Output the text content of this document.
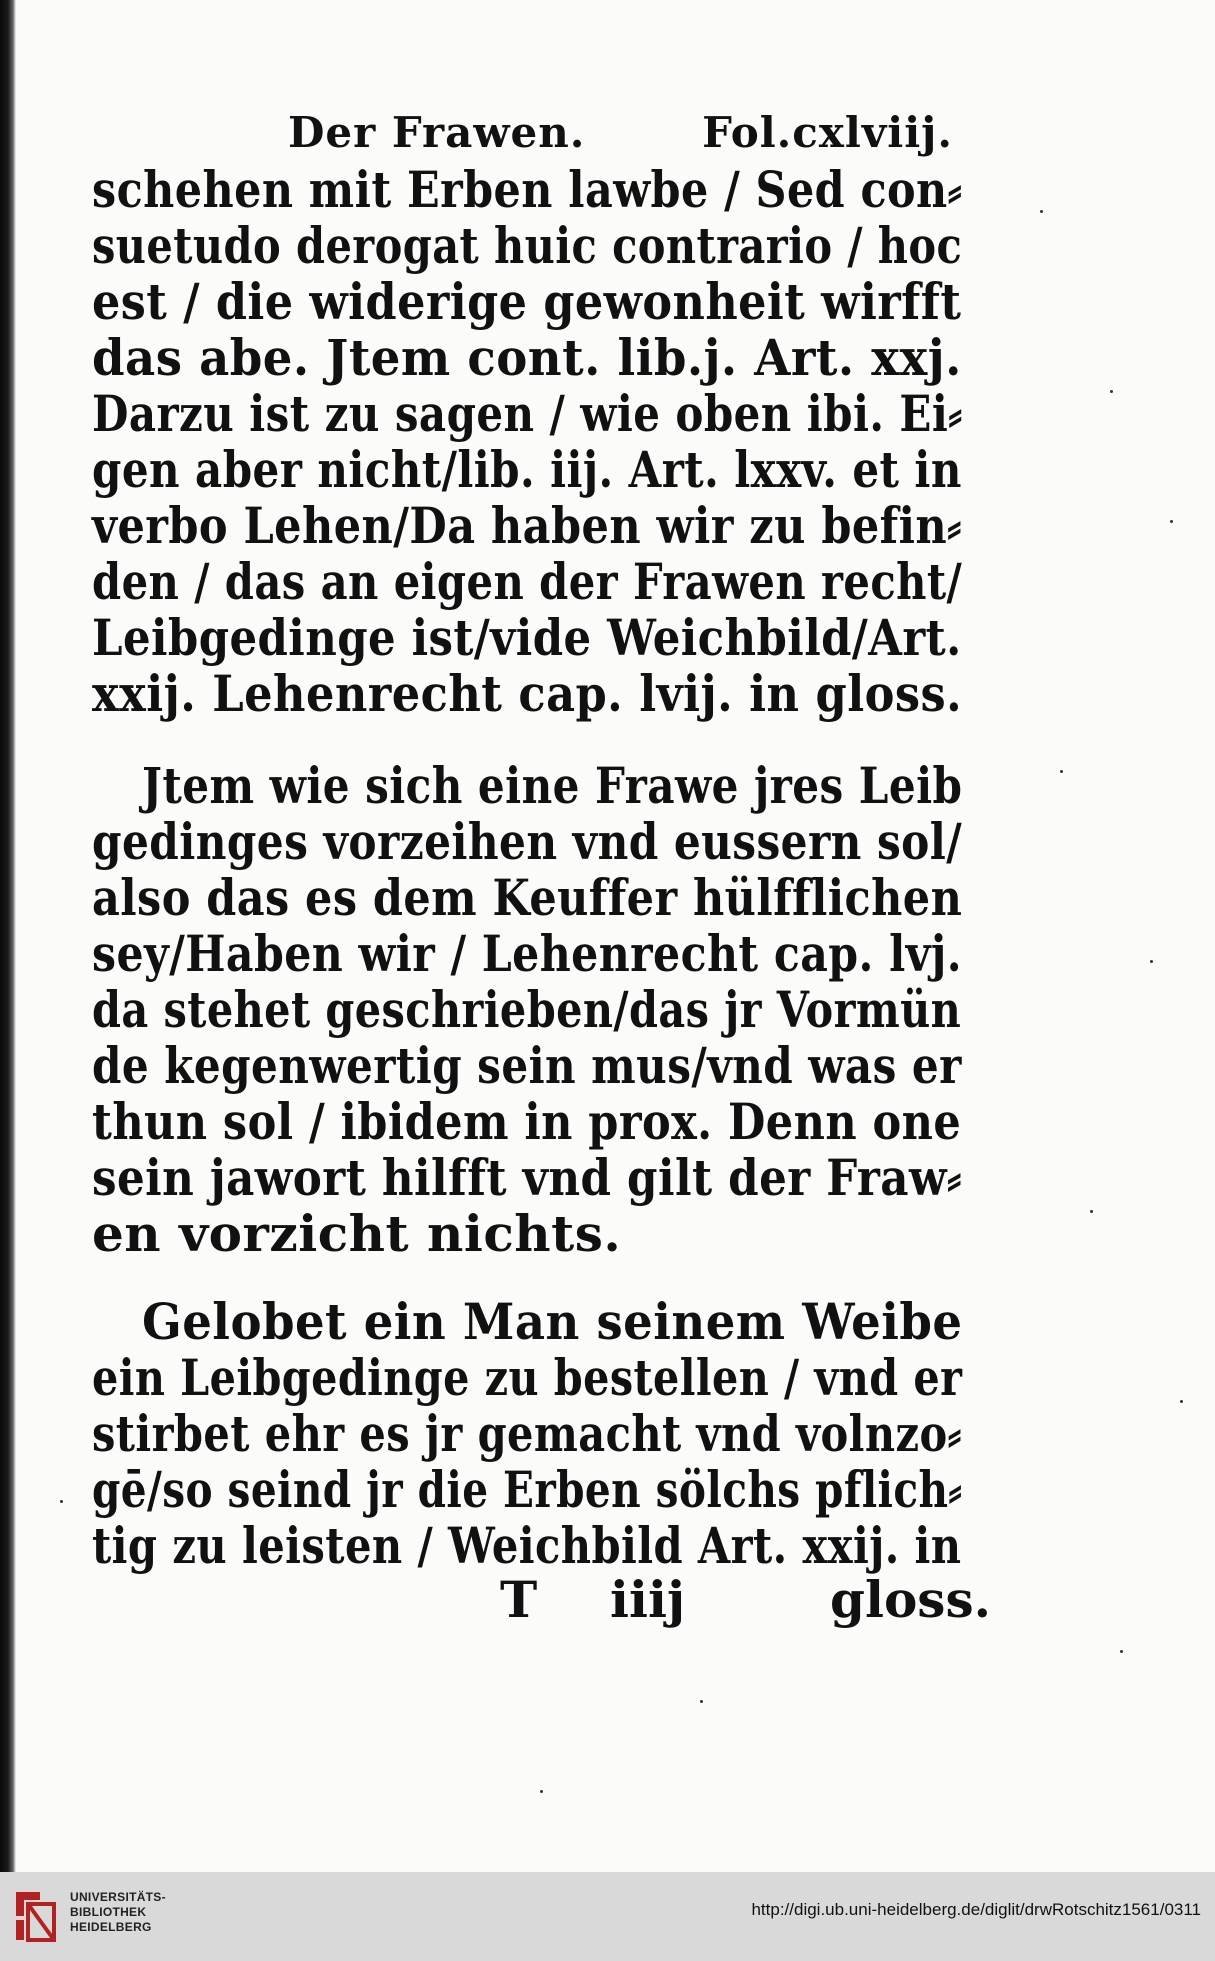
Der Frawen.	Fol.cxlviij.
schehen mit Erben lawbe / Sed con⸗
suetudo derogat huic contrario / hoc
est / die widerige gewonheit wirfft
das abe. Jtem cont. lib.j. Art. xxj.
Darzu ist zu sagen / wie oben ibi. Ei⸗
gen aber nicht/lib. iij. Art. lxxv. et in
verbo Lehen/Da haben wir zu befin⸗
den / das an eigen der Frawen recht/
Leibgedinge ist/vide Weichbild/Art.
xxij. Lehenrecht cap. lvij. in gloss.
Jtem wie sich eine Frawe jres Leib
gedinges vorzeihen vnd eussern sol/
also das es dem Keuffer hülfflichen
sey/Haben wir / Lehenrecht cap. lvj.
da stehet geschrieben/das jr Vormün
de kegenwertig sein mus/vnd was er
thun sol / ibidem in prox. Denn one
sein jawort hilfft vnd gilt der Fraw⸗
en vorzicht nichts.
Gelobet ein Man seinem Weibe
ein Leibgedinge zu bestellen / vnd er
stirbet ehr es jr gemacht vnd volnzo⸗
gē/so seind jr die Erben sölchs pflich⸗
tig zu leisten / Weichbild Art. xxij. in
T iiij	gloss.
UNIVERSITÄTS-
BIBLIOTHEK
HEIDELBERG
http://digi.ub.uni-heidelberg.de/diglit/drwRotschitz1561/0311
